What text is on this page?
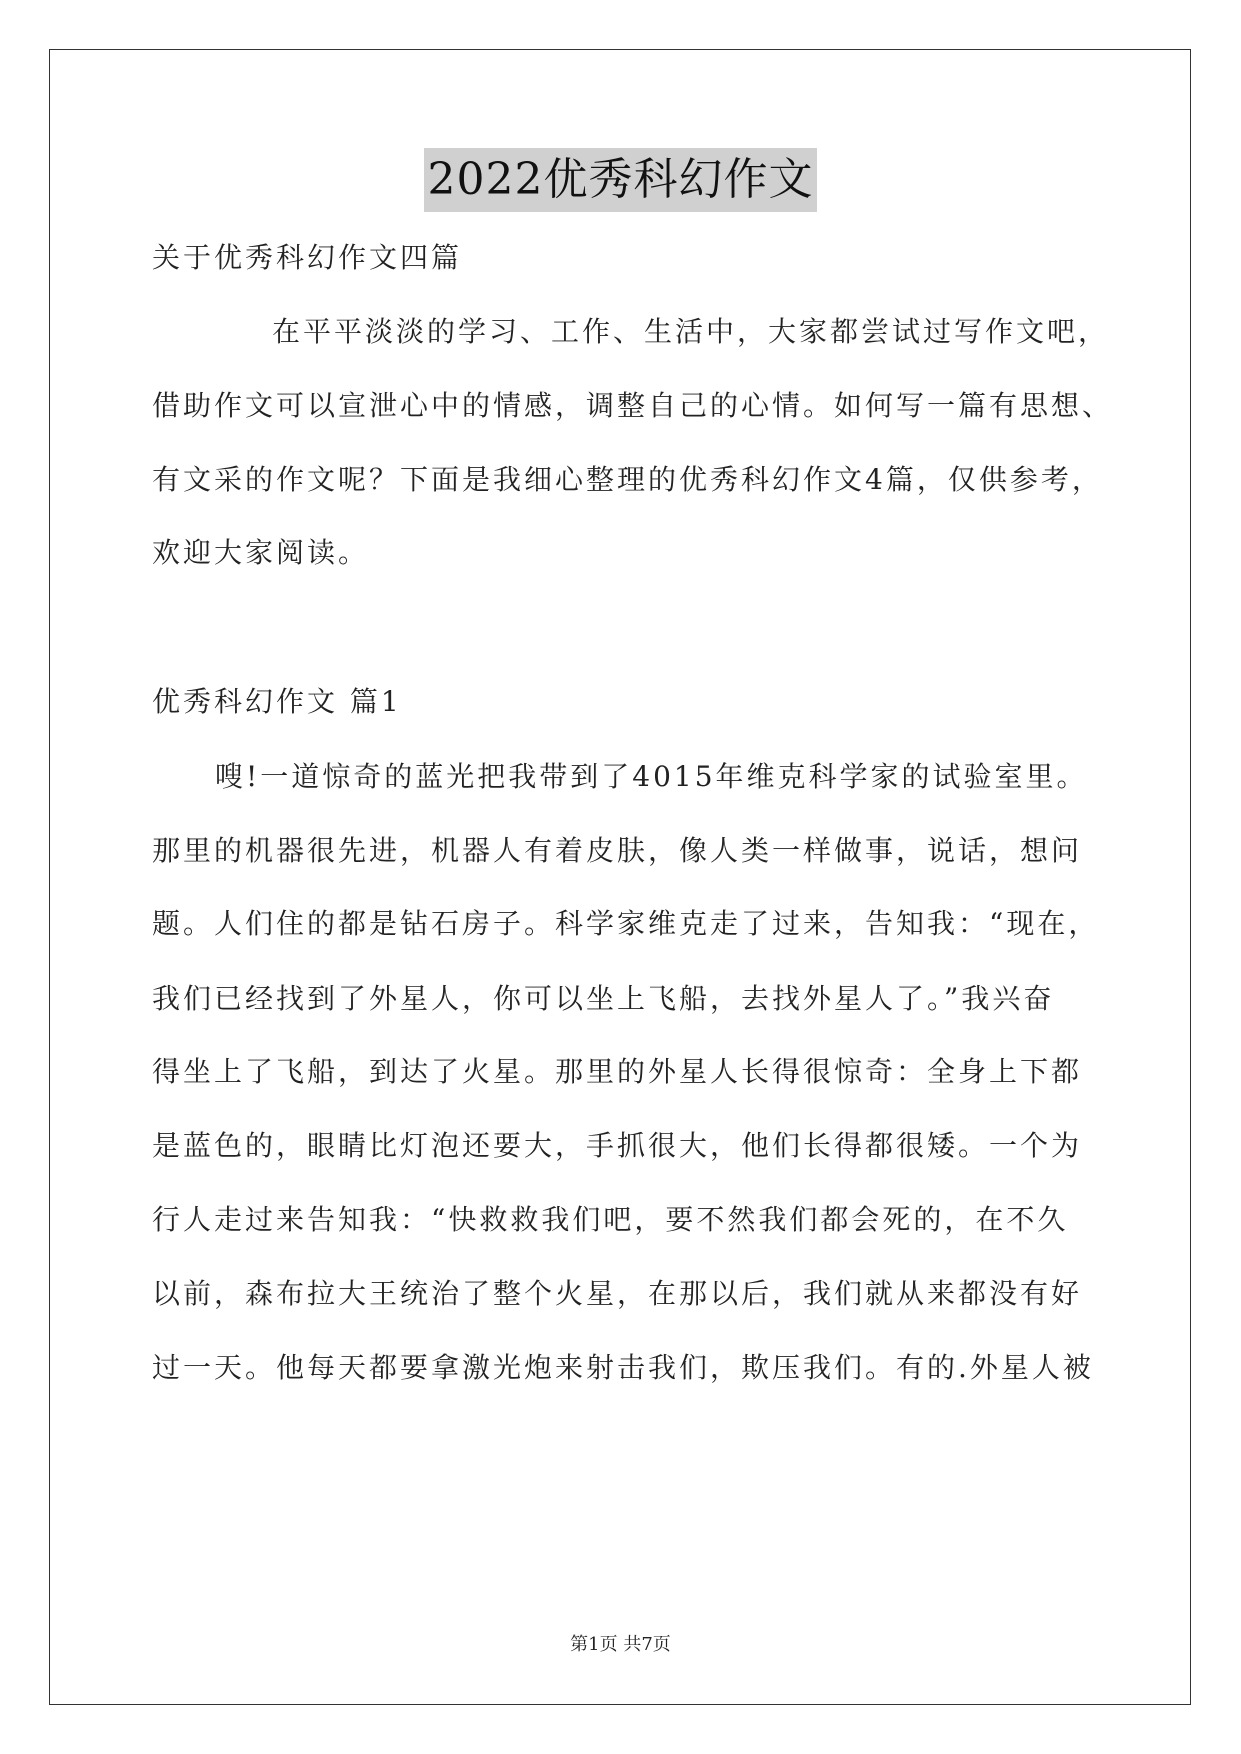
2022优秀科幻作文
关于优秀科幻作文四篇
在平平淡淡的学习、工作、生活中，大家都尝试过写作文吧，
借助作文可以宣泄心中的情感，调整自己的心情。如何写一篇有思想、
有文采的作文呢？下面是我细心整理的优秀科幻作文4篇，仅供参考，
欢迎大家阅读。
优秀科幻作文 篇1
嗖!一道惊奇的蓝光把我带到了4015年维克科学家的试验室里。
那里的机器很先进，机器人有着皮肤，像人类一样做事，说话，想问
题。人们住的都是钻石房子。科学家维克走了过来，告知我：“现在，
我们已经找到了外星人，你可以坐上飞船，去找外星人了。”我兴奋
得坐上了飞船，到达了火星。那里的外星人长得很惊奇：全身上下都
是蓝色的，眼睛比灯泡还要大，手抓很大，他们长得都很矮。一个为
行人走过来告知我：“快救救我们吧，要不然我们都会死的，在不久
以前，森布拉大王统治了整个火星，在那以后，我们就从来都没有好
过一天。他每天都要拿激光炮来射击我们，欺压我们。有的.外星人被
第1页 共7页
